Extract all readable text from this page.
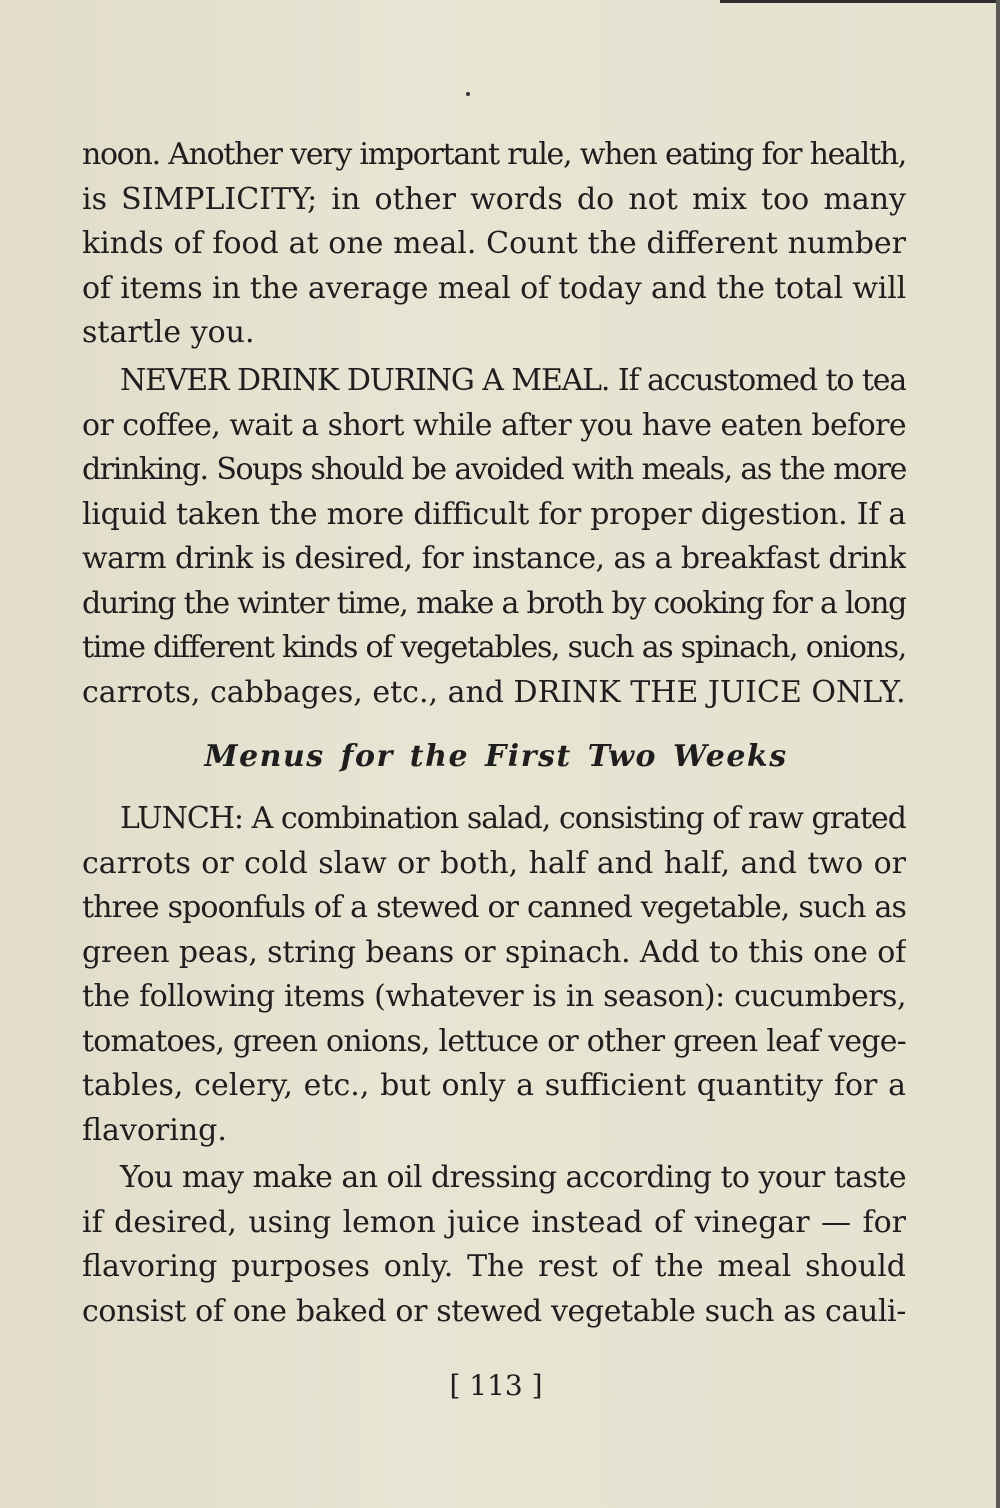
noon. Another very important rule, when eating for health,
is SIMPLICITY; in other words do not mix too many
kinds of food at one meal. Count the different number
of items in the average meal of today and the total will
startle you.
NEVER DRINK DURING A MEAL. If accustomed to tea
or coffee, wait a short while after you have eaten before
drinking. Soups should be avoided with meals, as the more
liquid taken the more difficult for proper digestion. If a
warm drink is desired, for instance, as a breakfast drink
during the winter time, make a broth by cooking for a long
time different kinds of vegetables, such as spinach, onions,
carrots, cabbages, etc., and DRINK THE JUICE ONLY.
Menus for the First Two Weeks
LUNCH: A combination salad, consisting of raw grated
carrots or cold slaw or both, half and half, and two or
three spoonfuls of a stewed or canned vegetable, such as
green peas, string beans or spinach. Add to this one of
the following items (whatever is in season): cucumbers,
tomatoes, green onions, lettuce or other green leaf vege-
tables, celery, etc., but only a sufficient quantity for a
flavoring.
You may make an oil dressing according to your taste
if desired, using lemon juice instead of vinegar — for
flavoring purposes only. The rest of the meal should
consist of one baked or stewed vegetable such as cauli-
[ 113 ]
